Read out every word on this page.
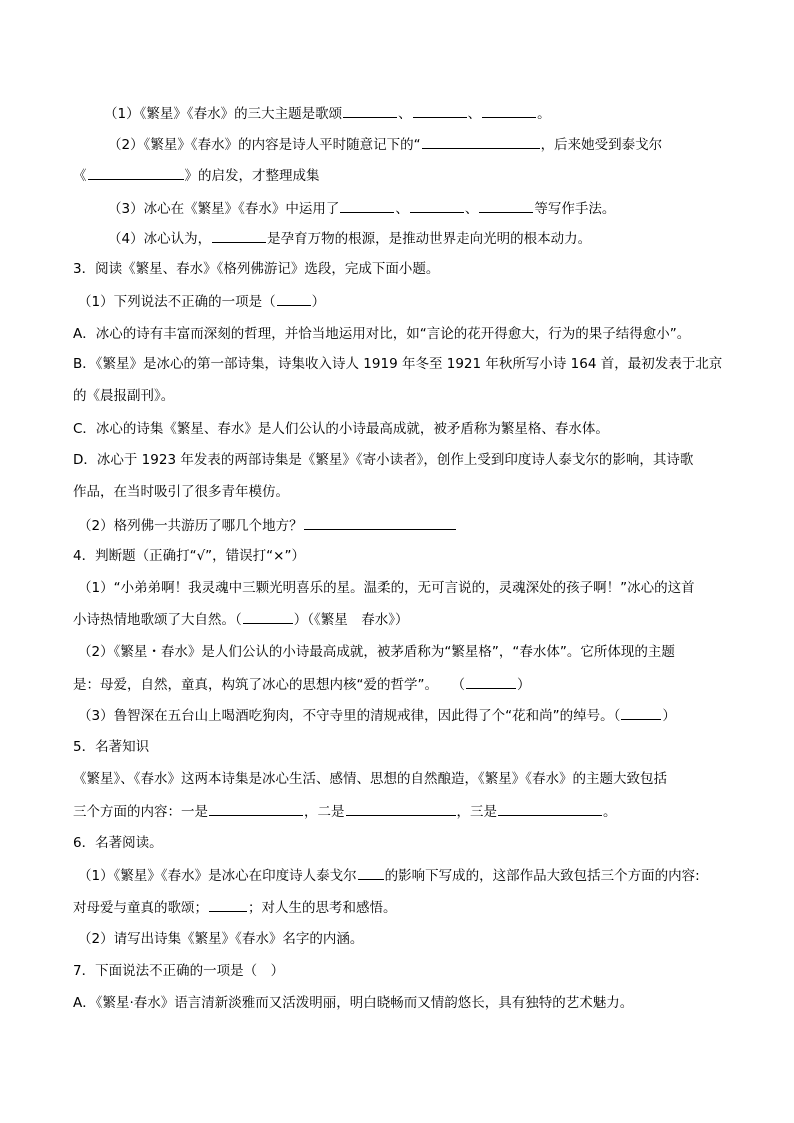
（1）《繁星》《春水》的三大主题是歌颂	、	、	。
（2）《繁星》《春水》的内容是诗人平时随意记下的“	，后来她受到泰戈尔
《	》的启发，才整理成集
（3）冰心在《繁星》《春水》中运用了	、	、	等写作手法。
（4）冰心认为，	是孕育万物的根源，是推动世界走向光明的根本动力。
3．阅读《繁星、春水》《格列佛游记》选段，完成下面小题。
（1）下列说法不正确的一项是（	）
A．冰心的诗有丰富而深刻的哲理，并恰当地运用对比，如“言论的花开得愈大，行为的果子结得愈小”。
B．《繁星》是冰心的第一部诗集，诗集收入诗人 1919 年冬至 1921 年秋所写小诗 164 首，最初发表于北京
的《晨报副刊》。
C．冰心的诗集《繁星、春水》是人们公认的小诗最高成就，被矛盾称为繁星格、春水体。
D．冰心于 1923 年发表的两部诗集是《繁星》《寄小读者》，创作上受到印度诗人泰戈尔的影响，其诗歌
作品，在当时吸引了很多青年模仿。
（2）格列佛一共游历了哪几个地方？
4．判断题（正确打“√”，错误打“×”）
（1）“小弟弟啊！我灵魂中三颗光明喜乐的星。温柔的，无可言说的，灵魂深处的孩子啊！”冰心的这首
小诗热情地歌颂了大自然。（	）（《繁星　春水》）
（2）《繁星・春水》是人们公认的小诗最高成就，被茅盾称为“繁星格”，“春水体”。它所体现的主题
是：母爱，自然，童真，构筑了冰心的思想内核“爱的哲学”。　　（	）
（3）鲁智深在五台山上喝酒吃狗肉，不守寺里的清规戒律，因此得了个“花和尚”的绰号。（	）
5．名著知识
《繁星》、《春水》这两本诗集是冰心生活、感情、思想的自然酿造，《繁星》《春水》的主题大致包括
三个方面的内容：一是	，二是	，三是	。
6．名著阅读。
（1）《繁星》《春水》是冰心在印度诗人泰戈尔 的影响下写成的，这部作品大致包括三个方面的内容:
对母爱与童真的歌颂；	；对人生的思考和感悟。
（2）请写出诗集《繁星》《春水》名字的内涵。
7．下面说法不正确的一项是（　）
A．《繁星·春水》语言清新淡雅而又活泼明丽，明白晓畅而又情韵悠长，具有独特的艺术魅力。
